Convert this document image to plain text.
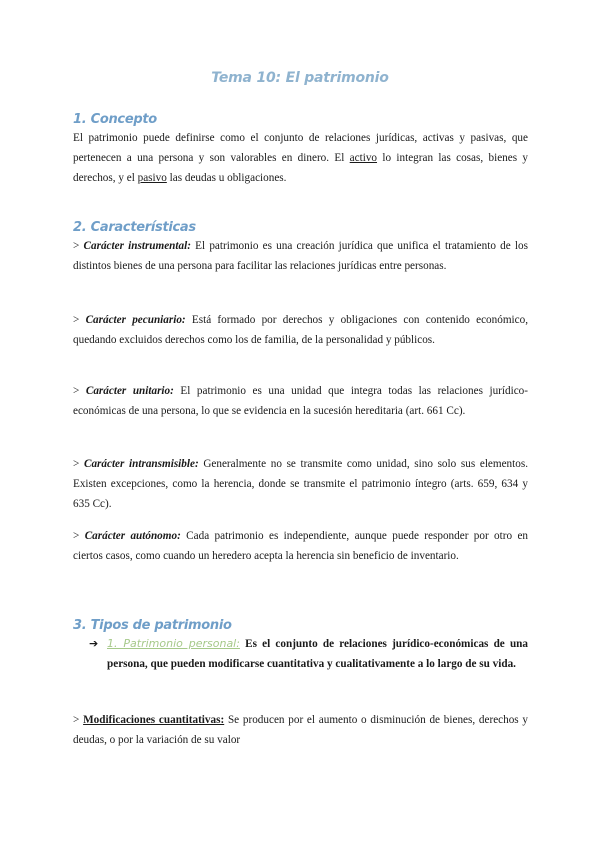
Tema 10: El patrimonio
1. Concepto
El patrimonio puede definirse como el conjunto de relaciones jurídicas, activas y pasivas, que pertenecen a una persona y son valorables en dinero. El activo lo integran las cosas, bienes y derechos, y el pasivo las deudas u obligaciones.
2. Características
> Carácter instrumental: El patrimonio es una creación jurídica que unifica el tratamiento de los distintos bienes de una persona para facilitar las relaciones jurídicas entre personas.
> Carácter pecuniario: Está formado por derechos y obligaciones con contenido económico, quedando excluidos derechos como los de familia, de la personalidad y públicos.
> Carácter unitario: El patrimonio es una unidad que integra todas las relaciones jurídico-económicas de una persona, lo que se evidencia en la sucesión hereditaria (art. 661 Cc).
> Carácter intransmisible: Generalmente no se transmite como unidad, sino solo sus elementos. Existen excepciones, como la herencia, donde se transmite el patrimonio íntegro (arts. 659, 634 y 635 Cc).
> Carácter autónomo: Cada patrimonio es independiente, aunque puede responder por otro en ciertos casos, como cuando un heredero acepta la herencia sin beneficio de inventario.
3. Tipos de patrimonio
➔ 1. Patrimonio personal: Es el conjunto de relaciones jurídico-económicas de una persona, que pueden modificarse cuantitativa y cualitativamente a lo largo de su vida.
> Modificaciones cuantitativas: Se producen por el aumento o disminución de bienes, derechos y deudas, o por la variación de su valor
